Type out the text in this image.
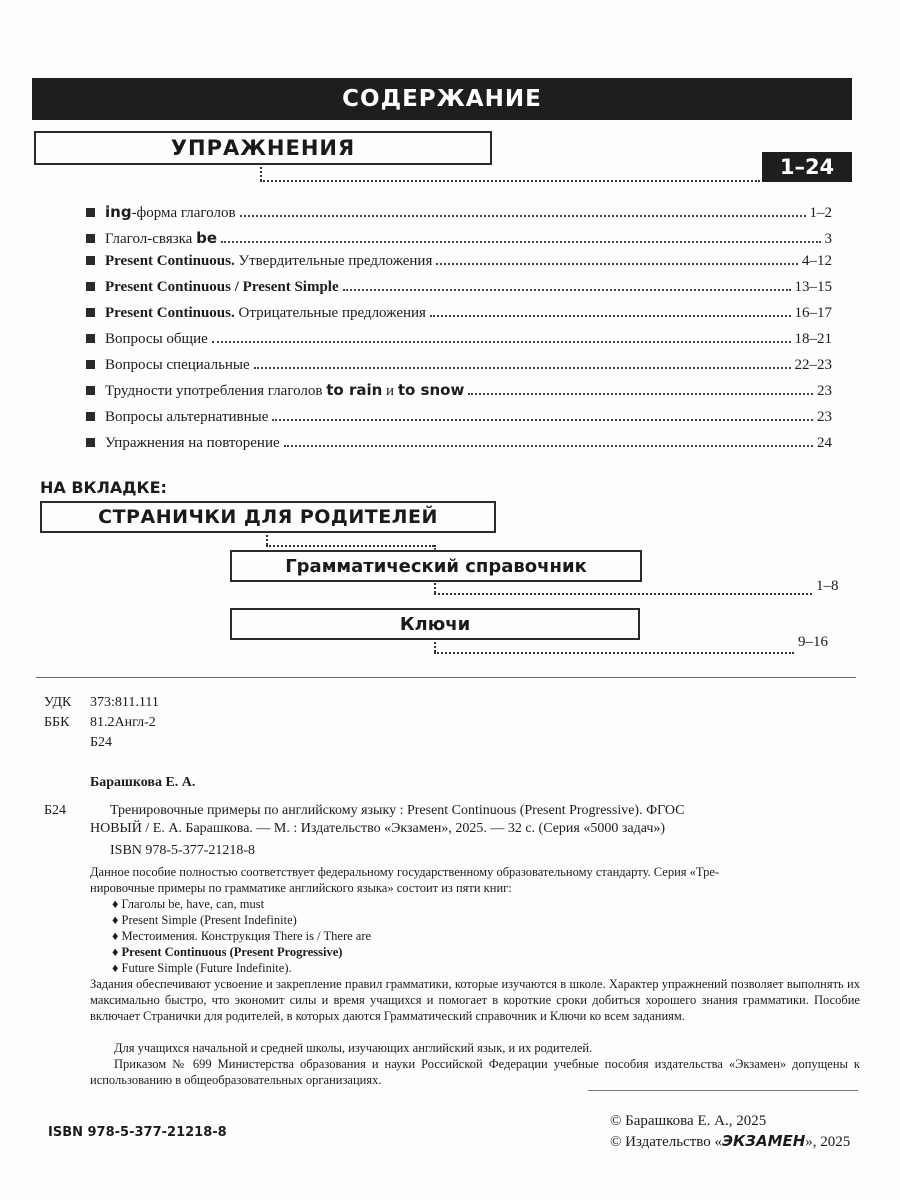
СОДЕРЖАНИЕ
УПРАЖНЕНИЯ
1–24
ing-форма глаголов	1–2
Глагол-связка be	3
Present Continuous. Утвердительные предложения	4–12
Present Continuous / Present Simple	13–15
Present Continuous. Отрицательные предложения	16–17
Вопросы общие	18–21
Вопросы специальные	22–23
Трудности употребления глаголов to rain и to snow	23
Вопросы альтернативные	23
Упражнения на повторение	24
НА ВКЛАДКЕ:
СТРАНИЧКИ ДЛЯ РОДИТЕЛЕЙ
Грамматический справочник
1–8
Ключи
9–16
УДК 373:811.111
ББК 81.2Англ-2
Б24
Барашкова Е. А.
Б24	Тренировочные примеры по английскому языку : Present Continuous (Present Progressive). ФГОС
НОВЫЙ / Е. А. Барашкова. — М. : Издательство «Экзамен», 2025. — 32 с. (Серия «5000 задач»)
ISBN 978-5-377-21218-8
Данное пособие полностью соответствует федеральному государственному образовательному стандарту. Серия «Тре-
нировочные примеры по грамматике английского языка» состоит из пяти книг:
♦ Глаголы be, have, can, must
♦ Present Simple (Present Indefinite)
♦ Местоимения. Конструкция There is / There are
♦ Present Continuous (Present Progressive)
♦ Future Simple (Future Indefinite).
Задания обеспечивают усвоение и закрепление правил грамматики, которые изучаются в школе. Характер упражнений позволяет выполнять их максимально быстро, что экономит силы и время учащихся и помогает в короткие сроки добиться хорошего знания грамматики. Пособие включает Странички для родителей, в которых даются Грамматический справочник и Ключи ко всем заданиям.
Для учащихся начальной и средней школы, изучающих английский язык, и их родителей.
Приказом № 699 Министерства образования и науки Российской Федерации учебные пособия издательства «Экзамен» допущены к использованию в общеобразовательных организациях.
ISBN 978-5-377-21218-8
© Барашкова Е. А., 2025
© Издательство «ЭКЗАМЕН», 2025
